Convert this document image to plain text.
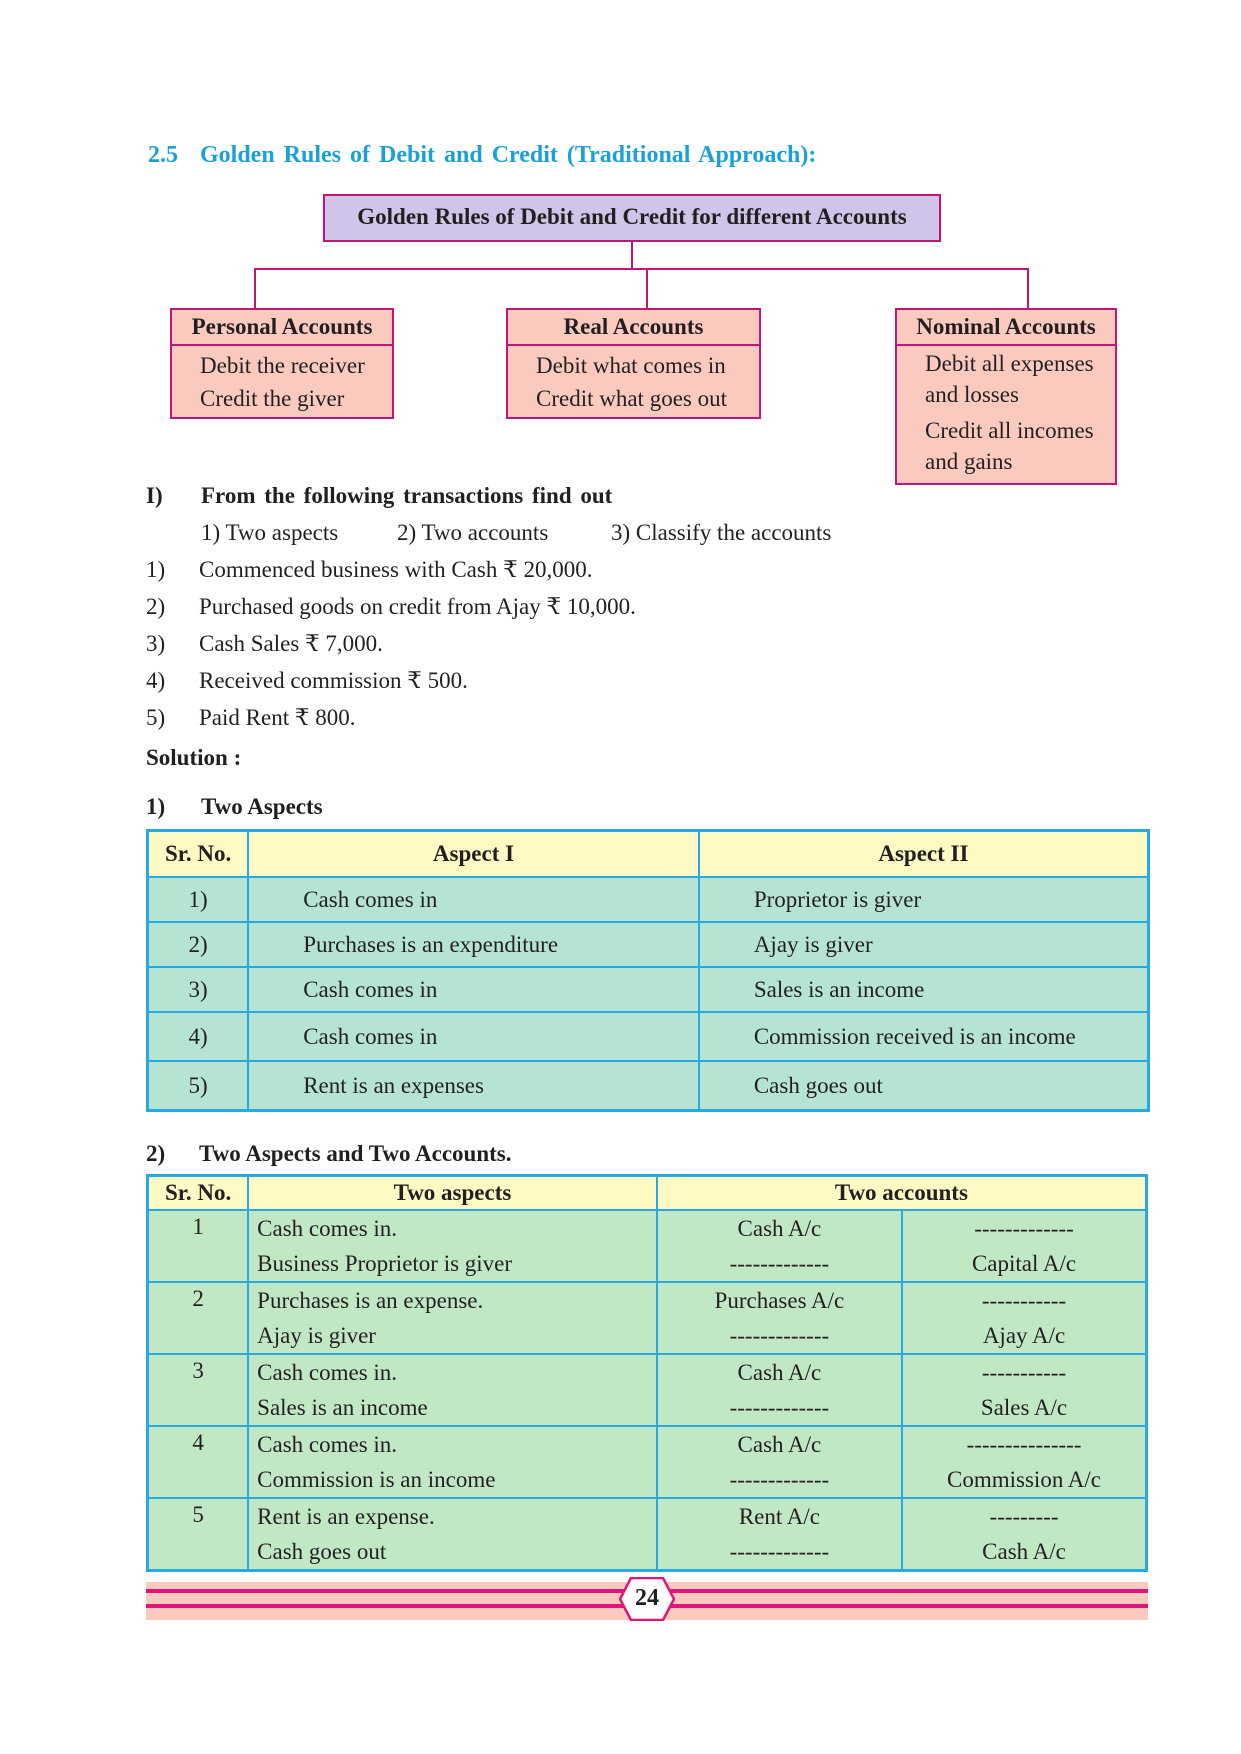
2.5 Golden Rules of Debit and Credit (Traditional Approach):
Golden Rules of Debit and Credit for different Accounts
Personal Accounts
Debit the receiver
Credit the giver
Real Accounts
Debit what comes in
Credit what goes out
Nominal Accounts
Debit all expenses and losses
Credit all incomes and gains
I) From the following transactions find out
1) Two aspects	2) Two accounts	3) Classify the accounts
1) Commenced business with Cash ₹ 20,000.
2) Purchased goods on credit from Ajay ₹ 10,000.
3) Cash Sales ₹ 7,000.
4) Received commission ₹ 500.
5) Paid Rent ₹ 800.
Solution :
1) Two Aspects
Sr. No.	Aspect I	Aspect II
1)	Cash comes in	Proprietor is giver
2)	Purchases is an expenditure	Ajay is giver
3)	Cash comes in	Sales is an income
4)	Cash comes in	Commission received is an income
5)	Rent is an expenses	Cash goes out
2) Two Aspects and Two Accounts.
Sr. No.	Two aspects	Two accounts	
1	Cash comes in.	Cash A/c	-------------
	Business Proprietor is giver	-------------	Capital A/c
2	Purchases is an expense.	Purchases A/c	-----------
	Ajay is giver	-------------	Ajay A/c
3	Cash comes in.	Cash A/c	-----------
	Sales is an income	-------------	Sales A/c
4	Cash comes in.	Cash A/c	---------------
	Commission is an income	-------------	Commission A/c
5	Rent is an expense.	Rent A/c	---------
	Cash goes out	-------------	Cash A/c
24
